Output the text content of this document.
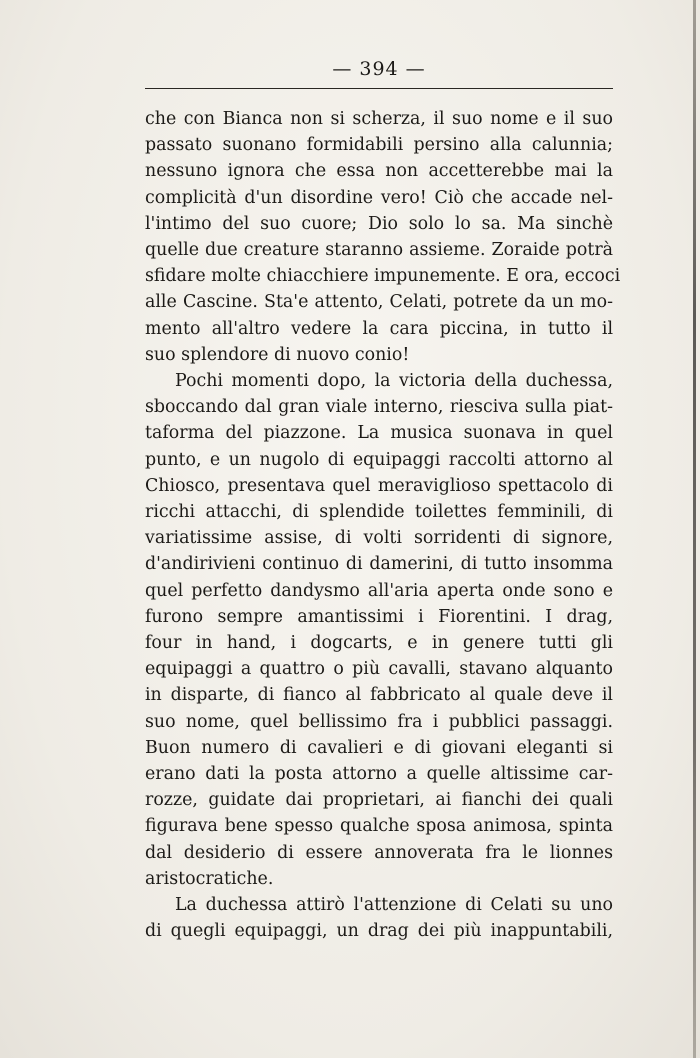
— 394 —
che con Bianca non si scherza, il suo nome e il suo
passato suonano formidabili persino alla calunnia;
nessuno ignora che essa non accetterebbe mai la
complicità d'un disordine vero! Ciò che accade nel-
l'intimo del suo cuore; Dio solo lo sa. Ma sinchè
quelle due creature staranno assieme. Zoraide potrà
sfidare molte chiacchiere impunemente. E ora, eccoci
alle Cascine. Sta'e attento, Celati, potrete da un mo-
mento all'altro vedere la cara piccina, in tutto il
suo splendore di nuovo conio!
Pochi momenti dopo, la victoria della duchessa,
sboccando dal gran viale interno, riesciva sulla piat-
taforma del piazzone. La musica suonava in quel
punto, e un nugolo di equipaggi raccolti attorno al
Chiosco, presentava quel meraviglioso spettacolo di
ricchi attacchi, di splendide toilettes femminili, di
variatissime assise, di volti sorridenti di signore,
d'andirivieni continuo di damerini, di tutto insomma
quel perfetto dandysmo all'aria aperta onde sono e
furono sempre amantissimi i Fiorentini. I drag,
four in hand, i dogcarts, e in genere tutti gli
equipaggi a quattro o più cavalli, stavano alquanto
in disparte, di fianco al fabbricato al quale deve il
suo nome, quel bellissimo fra i pubblici passaggi.
Buon numero di cavalieri e di giovani eleganti si
erano dati la posta attorno a quelle altissime car-
rozze, guidate dai proprietari, ai fianchi dei quali
figurava bene spesso qualche sposa animosa, spinta
dal desiderio di essere annoverata fra le lionnes
aristocratiche.
La duchessa attirò l'attenzione di Celati su uno
di quegli equipaggi, un drag dei più inappuntabili,
